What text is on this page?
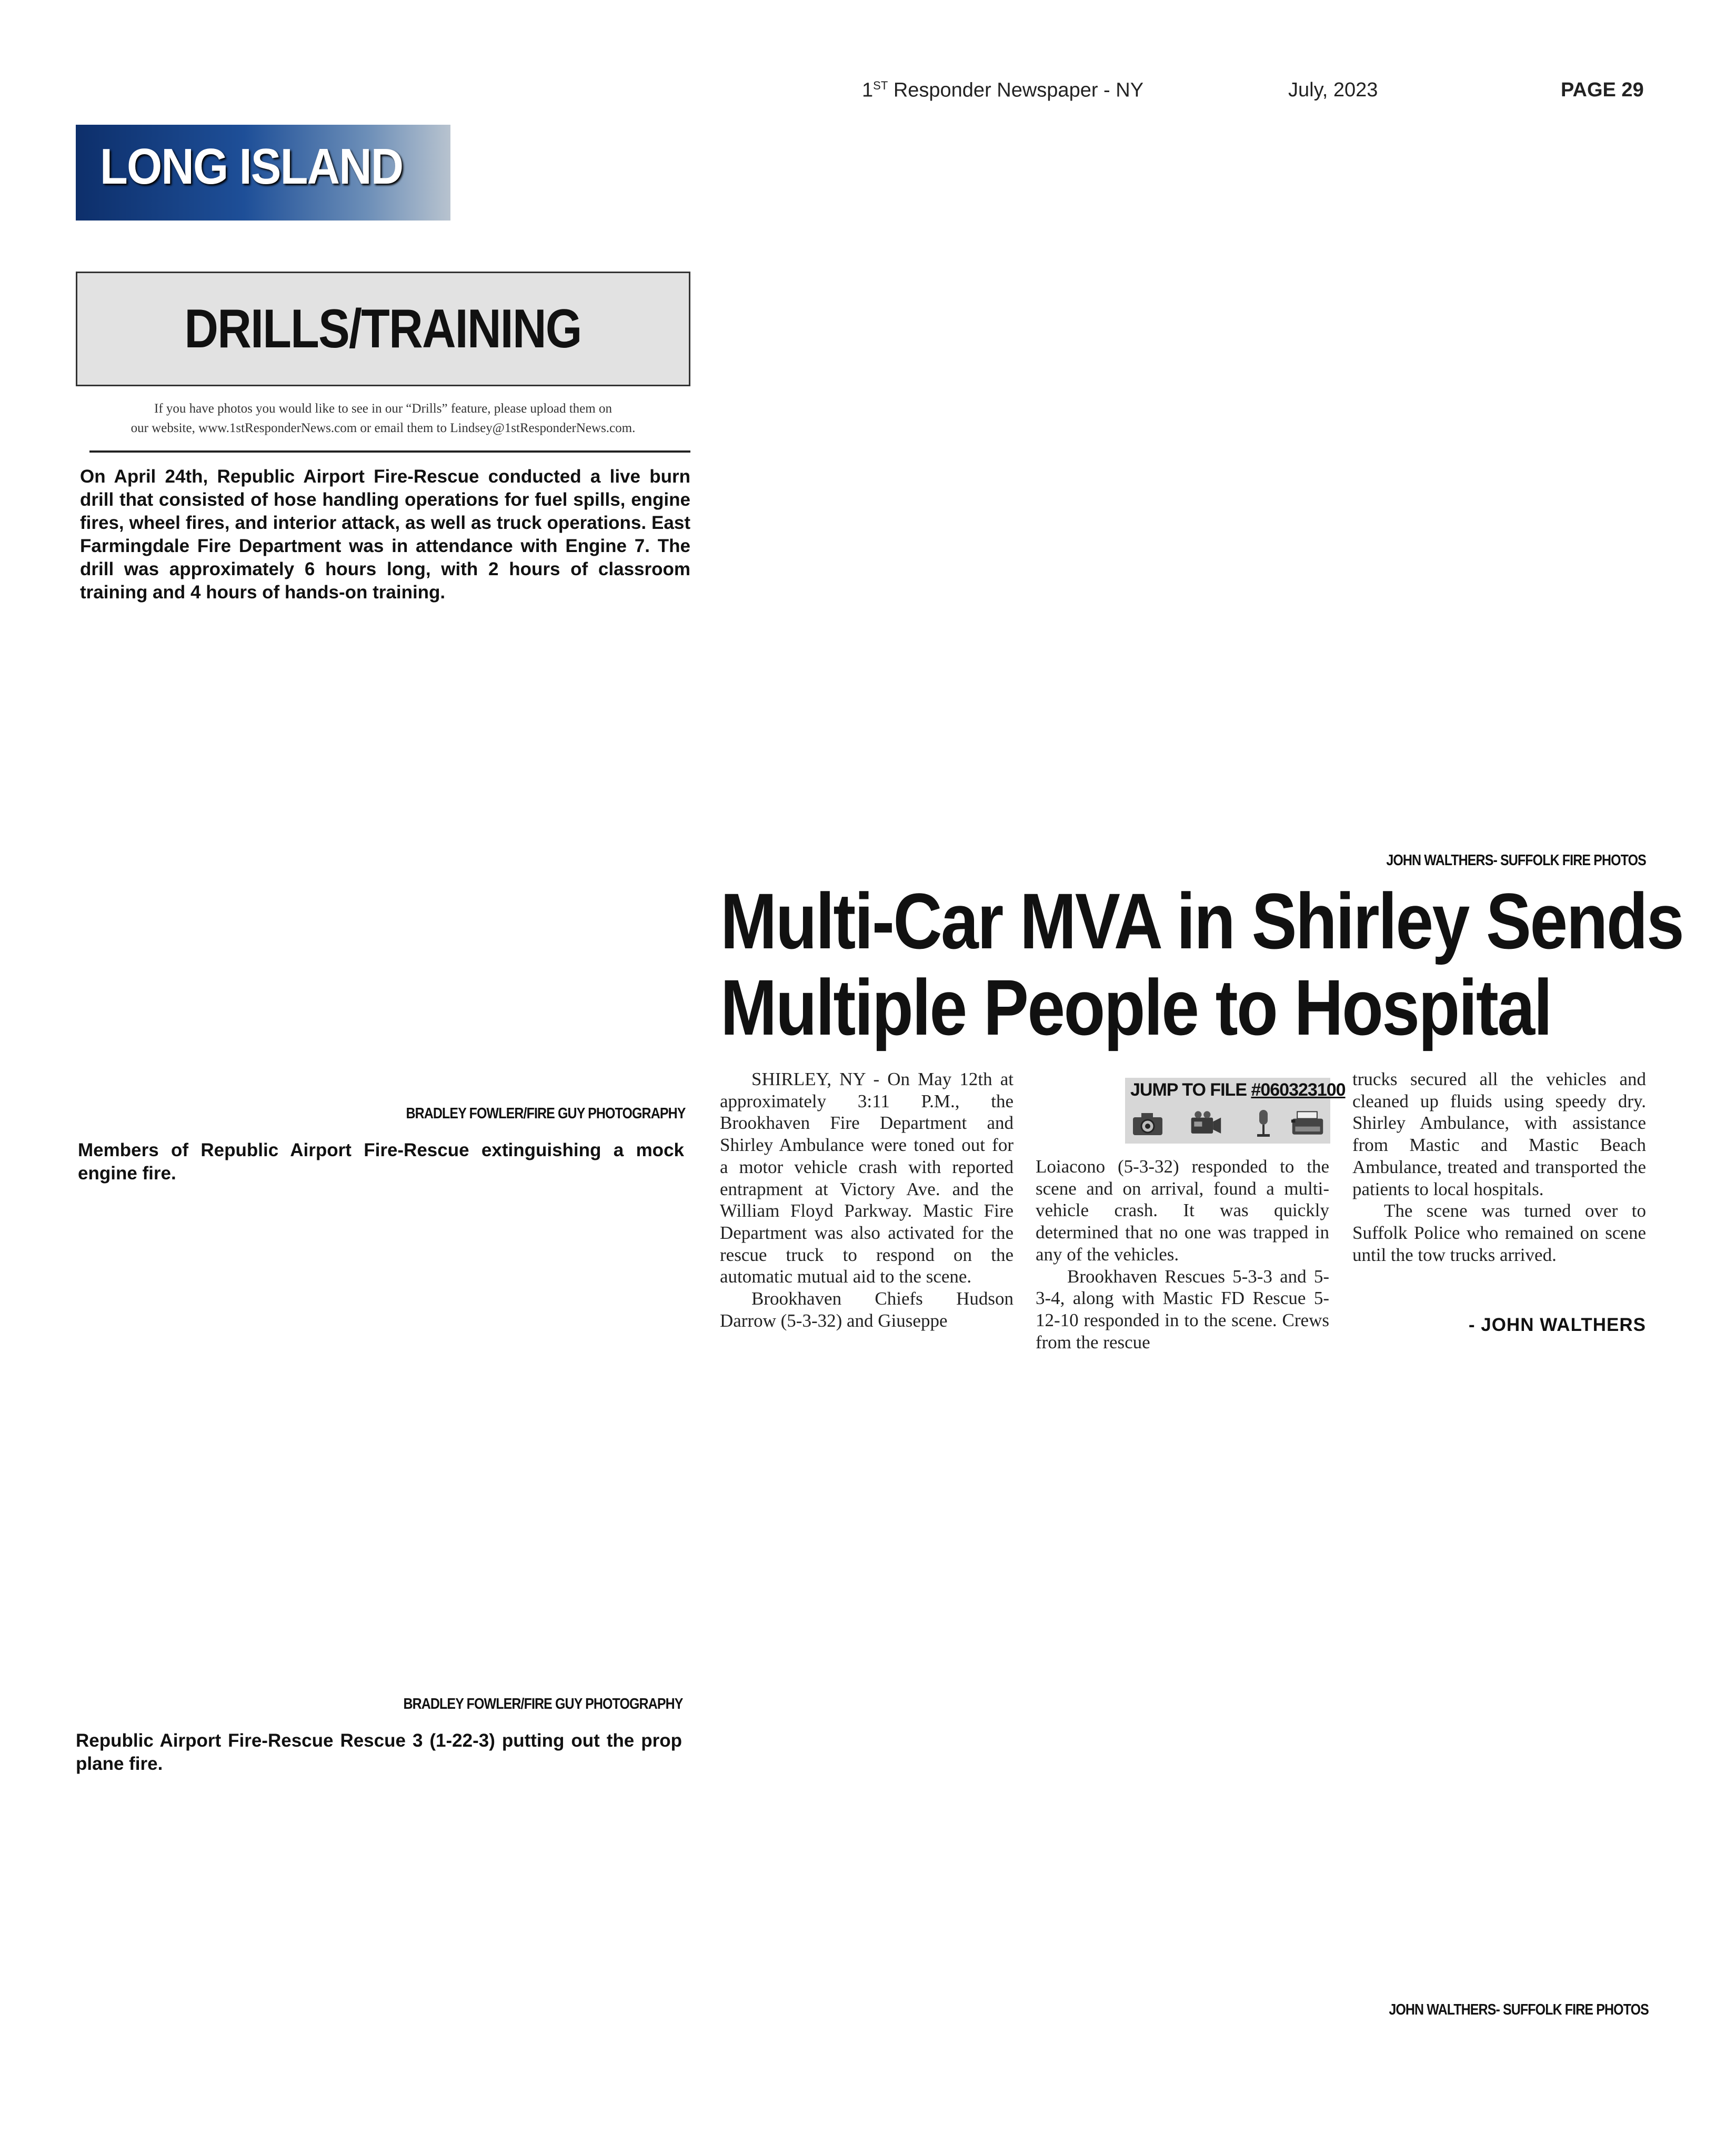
1ST Responder Newspaper - NY	July, 2023	PAGE 29
LONG ISLAND
DRILLS/TRAINING
If you have photos you would like to see in our “Drills” feature, please upload them on
our website, www.1stResponderNews.com or email them to Lindsey@1stResponderNews.com.
On April 24th, Republic Airport Fire-Rescue conducted a live burn drill that consisted of hose handling operations for fuel spills, engine fires, wheel fires, and interior attack, as well as truck operations. East Farmingdale Fire Department was in attendance with Engine 7. The drill was approximately 6 hours long, with 2 hours of classroom training and 4 hours of hands-on training.
BRADLEY FOWLER/FIRE GUY PHOTOGRAPHY
Members of Republic Airport Fire-Rescue extinguishing a mock engine fire.
BRADLEY FOWLER/FIRE GUY PHOTOGRAPHY
Republic Airport Fire-Rescue Rescue 3 (1-22-3) putting out the prop plane fire.
JOHN WALTHERS- SUFFOLK FIRE PHOTOS
Multi-Car MVA in Shirley Sends
Multiple People to Hospital

SHIRLEY, NY - On May 12th at approximately 3:11 P.M., the Brookhaven Fire Department and Shirley Ambulance were toned out for a motor vehicle crash with reported entrapment at Victory Ave. and the William Floyd Parkway. Mastic Fire Department was also activated for the rescue truck to respond on the automatic mutual aid to the scene.

Brookhaven Chiefs Hudson Darrow (5-3-32) and Giuseppe

JUMP TO FILE #060323100

Loiacono (5-3-32) responded to the scene and on arrival, found a multi-vehicle crash. It was quickly determined that no one was trapped in any of the vehicles.

Brookhaven Rescues 5-3-3 and 5-3-4, along with Mastic FD Rescue 5-12-10 responded in to the scene. Crews from the rescue

trucks secured all the vehicles and cleaned up fluids using speedy dry. Shirley Ambulance, with assistance from Mastic and Mastic Beach Ambulance, treated and transported the patients to local hospitals.

The scene was turned over to Suffolk Police who remained on scene until the tow trucks arrived.

- JOHN WALTHERS
JOHN WALTHERS- SUFFOLK FIRE PHOTOS
